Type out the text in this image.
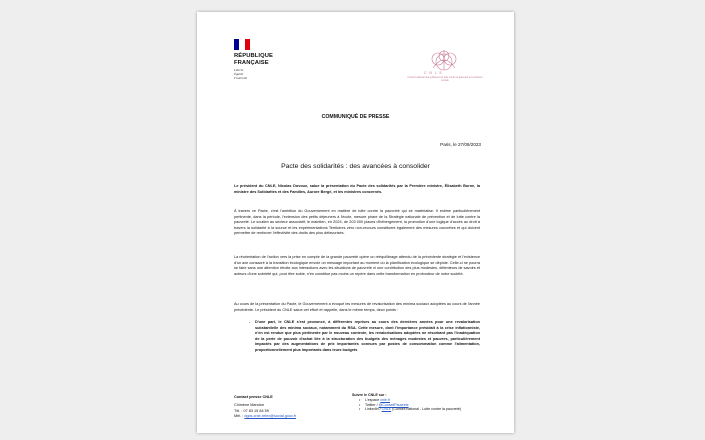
RÉPUBLIQUE
FRANÇAISE
Liberté
Égalité
Fraternité
C N L E
Conseil national des politiques de lutte contre la pauvreté et l'exclusion sociale
COMMUNIQUÉ DE PRESSE
Paris, le 27/09/2023
Pacte des solidarités : des avancées à consolider
Le président du CNLE, Nicolas Duvoux, salue la présentation du Pacte des solidarités par la Première ministre, Élisabeth Borne, la ministre des Solidarités et des Familles, Aurore Bergé, et les ministres concernés.
À travers ce Pacte, c'est l'ambition du Gouvernement en matière de lutte contre la pauvreté qui se matérialise. Il estime particulièrement pertinente, dans la période, l'extension des petits déjeuners à l'école, mesure phare de la Stratégie nationale de prévention et de lutte contre la pauvreté. Le soutien au secteur associatif, le maintien, en 2024, de 203 000 places d'hébergement, la promotion d'une logique d'accès au droit à travers la solidarité à la source et les expérimentations Territoires zéro non-recours constituent également des mesures concrètes et qui doivent permettre de renforcer l'effectivité des droits des plus défavorisés.
La réorientation de l'action vers la prise en compte de la grande pauvreté opère un rééquilibrage attendu de la précédente stratégie et l'existence d'un axe consacré à la transition écologique envoie un message important au moment où la planification écologique se déploie. Celle-ci ne pourra se faire sans une attention étroite aux interactions avec les situations de pauvreté ni une contribution des plus modestes, détenteurs de savoirs et acteurs d'une sobriété qui, pour être subie, n'en constitue pas moins un repère dans cette transformation en profondeur de notre société.
Au cours de la présentation du Pacte, le Gouvernement a évoqué les mesures de revalorisation des minima sociaux adoptées au cours de l'année précédente. Le président du CNLE salue cet effort et rappelle, dans le même temps, deux points :
- D'une part, le CNLE s'est prononcé, à différentes reprises au cours des dernières années pour une revalorisation substantielle des minima sociaux, notamment du RSA. Cette mesure, dont l'importance présidait à la crise inflationniste, n'en est rendue que plus pertinente par le nouveau contexte, les revalorisations adoptées ne résorbant pas l'inadéquation de la perte de pouvoir d'achat liée à la structuration des budgets des ménages modestes et pauvres, particulièrement impactés par des augmentations de prix importantes connues par postes de consommation comme l'alimentation, proportionnellement plus importants dans leurs budgets
Contact presse CNLE
Chimène Mandon
Tél. : 07 83 15 84 59
Mél. : dgcs-cnle-relex@social.gouv.fr
Suivre le CNLE sur :
• L'espace cnle.fr
• Twitter / @ConseilPauvrete
• LinkedIn / CNLE (Conseil national - Lutte contre la pauvreté)
